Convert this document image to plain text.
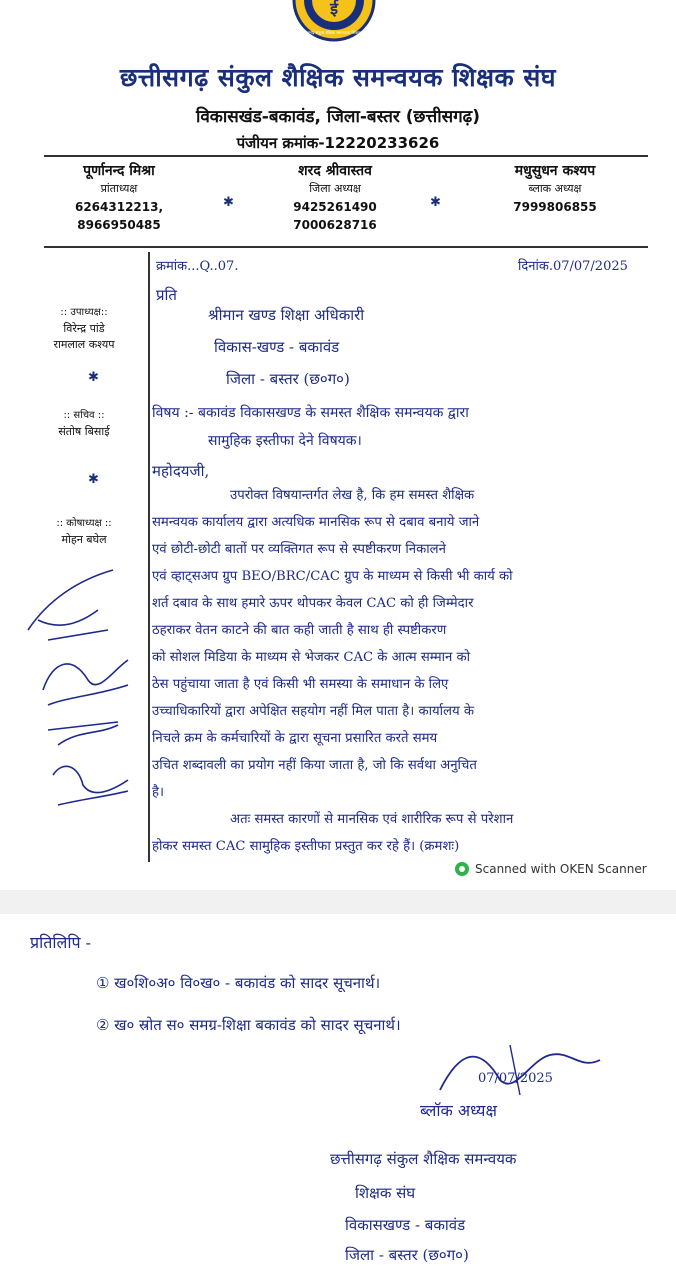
ई
छत्तीसगढ़ संकुल शैक्षिक समन्वयक शिक्षक संघ
छत्तीसगढ़ संकुल शैक्षिक समन्वयक शिक्षक संघ
विकासखंड-बकावंड, जिला-बस्तर (छत्तीसगढ़)
पंजीयन क्रमांक-12220233626
पूर्णानन्द मिश्रा
प्रांताध्यक्ष
6264312213,
8966950485
✱
शरद श्रीवास्तव
जिला अध्यक्ष
9425261490
7000628716
✱
मधुसुधन कश्यप
ब्लाक अध्यक्ष
7999806855
:: उपाध्यक्ष::
विरेन्द्र पांडे
रामलाल कश्यप
✱
:: सचिव ::
संतोष बिसाई
✱
:: कोषाध्यक्ष ::
मोहन बघेल
क्रमांक...Q..07.	दिनांक.07/07/2025
प्रति
श्रीमान खण्ड शिक्षा अधिकारी
विकास-खण्ड - बकावंड
जिला - बस्तर (छ०ग०)
विषय :- बकावंड विकासखण्ड के समस्त शैक्षिक समन्वयक द्वारा
सामुहिक इस्तीफा देने विषयक।
महोदयजी,
उपरोक्त विषयान्तर्गत लेख है, कि हम समस्त शैक्षिक
समन्वयक कार्यालय द्वारा अत्यधिक मानसिक रूप से दबाव बनाये जाने
एवं छोटी-छोटी बातों पर व्यक्तिगत रूप से स्पष्टीकरण निकालने
एवं व्हाट्सअप ग्रुप BEO/BRC/CAC ग्रुप के माध्यम से किसी भी कार्य को
शर्त दबाव के साथ हमारे ऊपर थोपकर केवल CAC को ही जिम्मेदार
ठहराकर वेतन काटने की बात कही जाती है साथ ही स्पष्टीकरण
को सोशल मिडिया के माध्यम से भेजकर CAC के आत्म सम्मान को
ठेस पहुंचाया जाता है एवं किसी भी समस्या के समाधान के लिए
उच्चाधिकारियों द्वारा अपेक्षित सहयोग नहीं मिल पाता है। कार्यालय के
निचले क्रम के कर्मचारियों के द्वारा सूचना प्रसारित करते समय
उचित शब्दावली का प्रयोग नहीं किया जाता है, जो कि सर्वथा अनुचित
है।
अतः समस्त कारणों से मानसिक एवं शारीरिक रूप से परेशान
होकर समस्त CAC सामुहिक इस्तीफा प्रस्तुत कर रहे हैं। (क्रमशः)
Scanned with OKEN Scanner
प्रतिलिपि -
① ख०शि०अ० वि०ख० - बकावंड को सादर सूचनार्थ।
② ख० स्रोत स० समग्र-शिक्षा बकावंड को सादर सूचनार्थ।
07/07/2025
ब्लॉक अध्यक्ष
छत्तीसगढ़ संकुल शैक्षिक समन्वयक
शिक्षक संघ
विकासखण्ड - बकावंड
जिला - बस्तर (छ०ग०)
